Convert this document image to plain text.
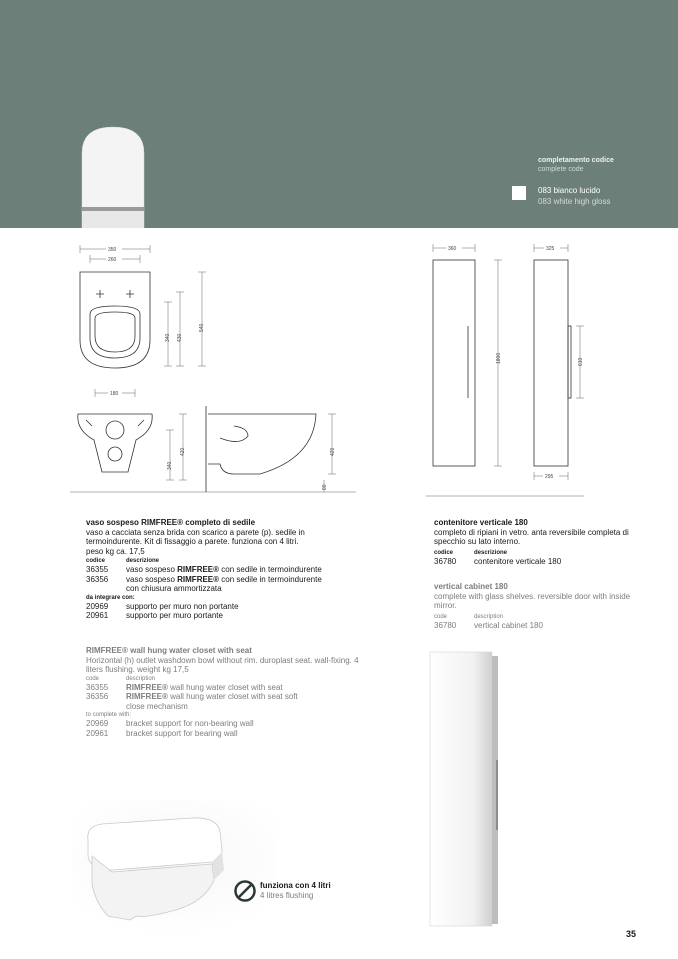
completamento codice
complete code
083 bianco lucido
083 white high gloss
350
260
340 430
540
180
340
420	420
80
360
1800
325
610
295
vaso sospeso RIMFREE® completo di sedile
vaso a cacciata senza brida con scarico a parete (p). sedile in termoindurente. Kit di fissaggio a parete. funziona con 4 litri.
peso kg ca. 17,5
codice	descrizione
36355	vaso sospeso RIMFREE® con sedile in termoindurente
36356	vaso sospeso RIMFREE® con sedile in termoindurente
con chiusura ammortizzata
da integrare con:
20969	supporto per muro non portante
20961	supporto per muro portante
RIMFREE® wall hung water closet with seat
Horizontal (h) outlet washdown bowl without rim. duroplast seat. wall-fixing. 4 liters flushing. weight kg 17,5
code	description
36355	RIMFREE® wall hung water closet with seat
36356	RIMFREE® wall hung water closet with seat soft
close mechanism
to complete with:
20969	bracket support for non-bearing wall
20961	bracket support for bearing wall
contenitore verticale 180
completo di ripiani in vetro. anta reversibile completa di specchio su lato interno.
codice	descrizione
36780	contenitore verticale 180
vertical cabinet 180
complete with glass shelves. reversible door with inside mirror.
code	description
36780	vertical cabinet 180
funziona con 4 litri
4 litres flushing
35
